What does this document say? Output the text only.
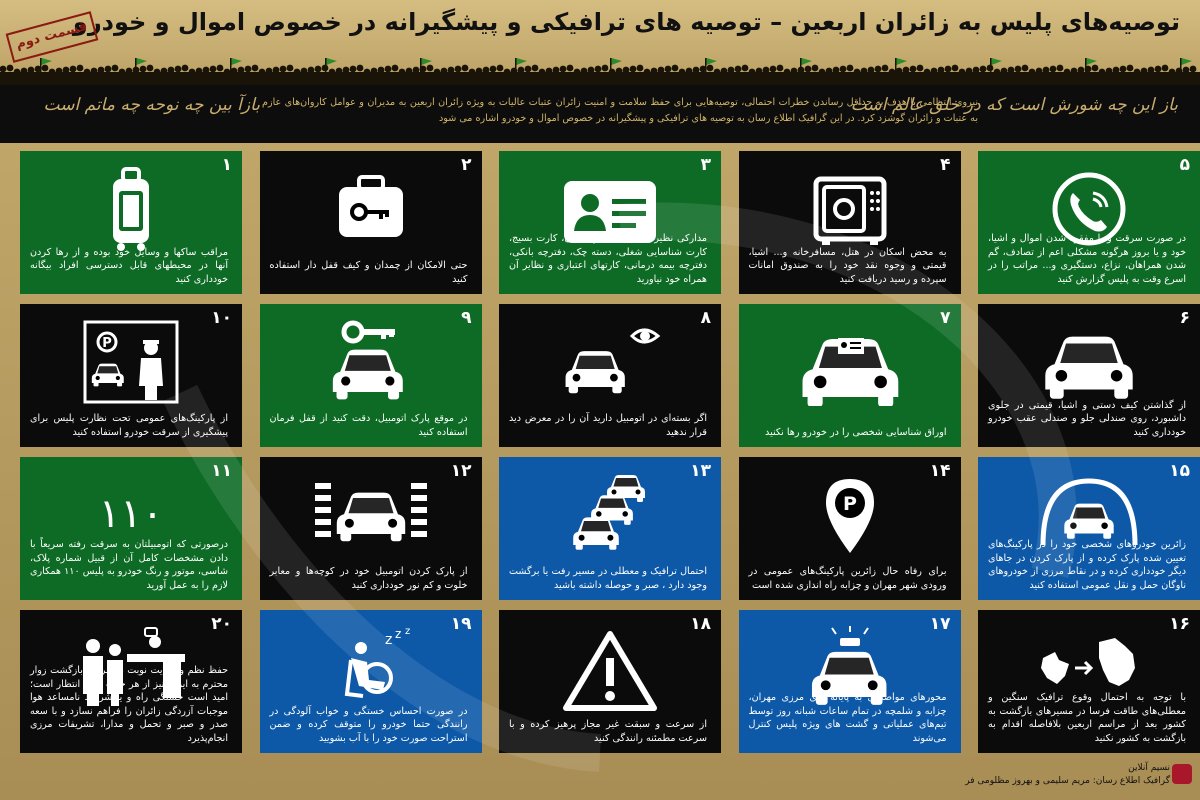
توصیه‌های پلیس به زائران اربعین – توصیه های ترافیکی و پیشگیرانه در خصوص اموال و خودرو
قسمت دوم
بازآ بین چه نوحه چه ماتم است نیروی انتظامی با هدف به حداقل رساندن خطرات احتمالی، توصیه‌هایی برای حفظ سلامت و امنیت زائران عتبات عالیات به ویژه زائران اربعین به مدیران و عوامل کاروان‌های عازم به عتبات و زائران گوشزد کرد. در این گرافیک اطلاع رسان به توصیه های ترافیکی و پیشگیرانه در خصوص اموال و خودرو اشاره می شود
باز این چه شورش است که در خلق عالم است
۱
مراقب ساکها و وسایل خود بوده و از رها کردن آنها در محیطهای قابل دسترسی افراد بیگانه خودداری کنید
۲
حتی الامکان از چمدان و کیف قفل دار استفاده کنید
۳
مدارکی نظیر شناسنامه، کارت ملی، کارت بسیج، کارت شناسایی شغلی، دسته چک، دفترچه بانکی، دفترچه بیمه درمانی، کارتهای اعتباری و نظایر آن همراه خود نیاورید
۴
به محض اسکان در هتل، مسافرخانه و... اشیا، قیمتی و وجوه نقد خود را به صندوق امانات سپرده و رسید دریافت کنید
۵
در صورت سرقت و یا مفقود شدن اموال و اشیا، خود و یا بروز هرگونه مشکلی اعم از تصادف، گم شدن همراهان، نزاع، دستگیری و... مراتب را در اسرع وقت به پلیس گزارش کنید
۱۰
P
از پارکینگ‌های عمومی تحت نظارت پلیس برای پیشگیری از سرقت خودرو استفاده کنید
۹
در موقع پارک اتومبیل، دقت کنید از قفل فرمان استفاده کنید
۸
اگر بسته‌ای در اتومبیل دارید آن را در معرض دید قرار ندهید
۷
اوراق شناسایی شخصی را در خودرو رها نکنید
۶
از گذاشتن کیف دستی و اشیا، قیمتی در جلوی داشبورد، روی صندلی جلو و صندلی عقب خودرو خودداری کنید
۱۱
١١٠
درصورتی که اتومبیلتان به سرقت رفته سریعاً با دادن مشخصات کامل آن از قبیل شماره پلاک، شاسی، موتور و رنگ خودرو به پلیس ۱۱۰ همکاری لازم را به عمل آورید
۱۲
از پارک کردن اتومبیل خود در کوچه‌ها و معابر خلوت و کم نور خودداری کنید
۱۳
احتمال ترافیک و معطلی در مسیر رفت یا برگشت وجود دارد ، صبر و حوصله داشته باشید
۱۴
P
برای رفاه حال زائرین پارکینگ‌های عمومی در ورودی شهر مهران و چزابه راه اندازی شده است
۱۵
زائرین خودروهای شخصی خود را در پارکینگ‌های تعیین شده پارک کرده و از پارک کردن در جاهای دیگر خودداری کرده و در نقاط مرزی از خودروهای ناوگان حمل و نقل عمومی استفاده کنید
۲۰
حفظ نظم و رعایت نوبت در مرحله بازگشت زوار محترم به ایران نیز از هر جهت مورد انتظار است؛ امید است خستگی راه و یا شرایط نامساعد هوا موجبات آزردگی زائران را فراهم نسازد و با سعه صدر و صبر و تحمل و مدارا، تشریفات مرزی انجام‌پذیرد
۱۹
z z z
در صورت احساس خستگی و خواب آلودگی در رانندگی حتما خودرو را متوقف کرده و ضمن استراحت صورت خود را با آب بشویید
۱۸
از سرعت و سبقت غیر مجاز پرهیز کرده و با سرعت مطمئنه رانندگی کنید
۱۷
محورهای مواصلاتی به پایانه های مرزی مهران، چزابه و شلمچه در تمام ساعات شبانه روز توسط تیم‌های عملیاتی و گشت های ویژه پلیس کنترل می‌شوند
۱۶
با توجه به احتمال وقوع ترافیک سنگین و معطلی‌های طاقت فرسا در مسیرهای بازگشت به کشور بعد از مراسم اربعین بلافاصله اقدام به بازگشت به کشور نکنید
نسیم آنلاین
گرافیک اطلاع رسان: مریم سلیمی و بهروز مظلومی فر
